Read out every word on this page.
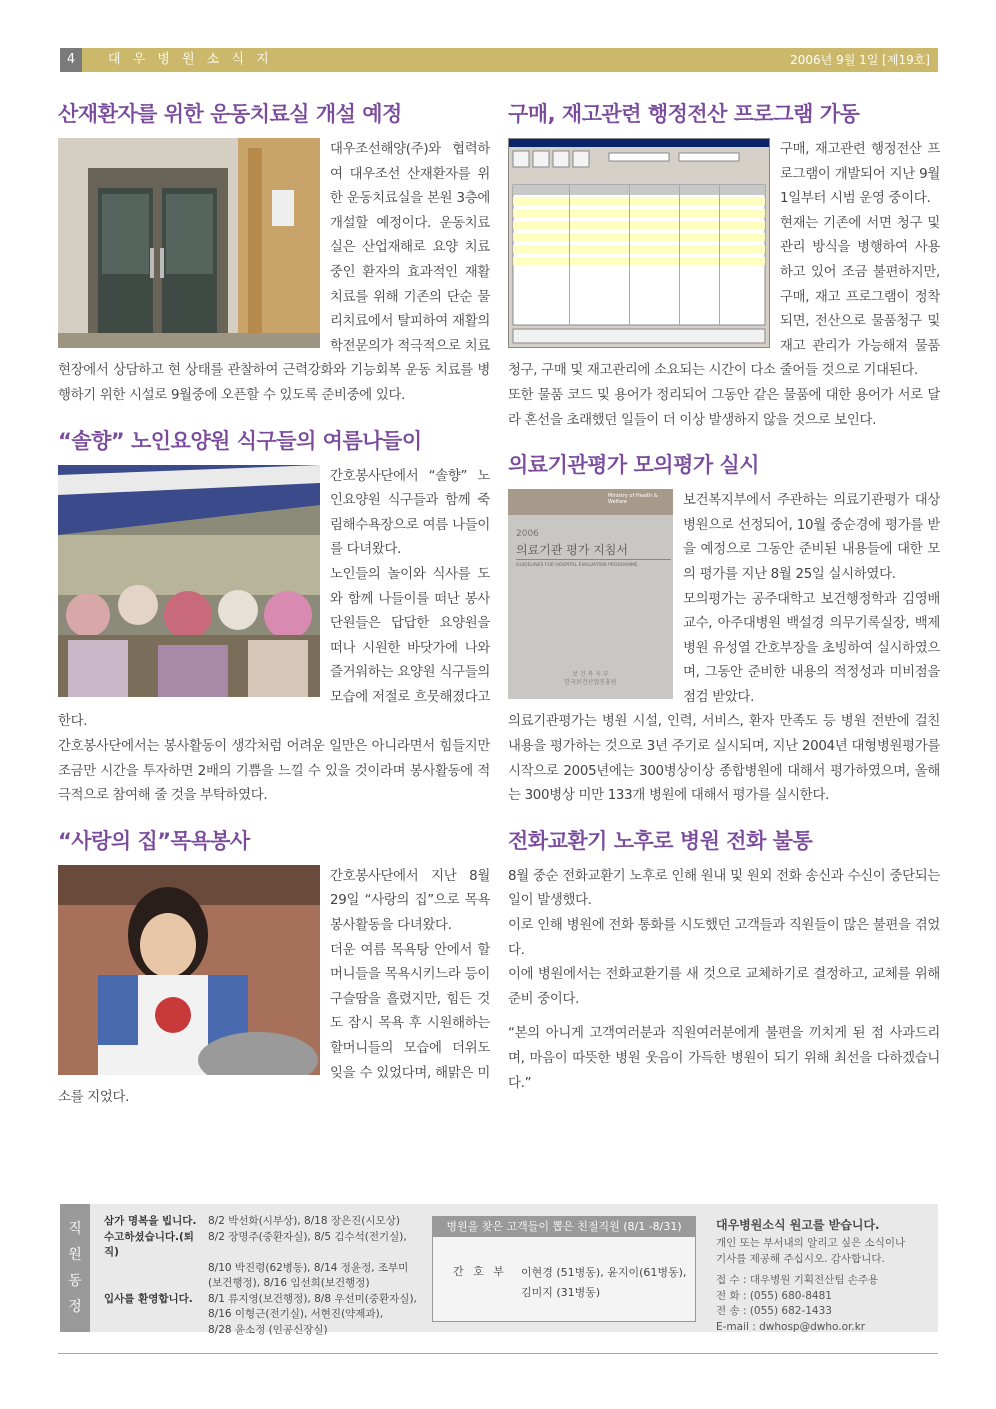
4	대 우 병 원 소 식 지	2006년 9월 1일 [제19호]
산재환자를 위한 운동치료실 개설 예정

대우조선해양(주)와 협력하여 대우조선 산재환자를 위한 운동치료실을 본원 3층에 개설할 예정이다. 운동치료실은 산업재해로 요양 치료중인 환자의 효과적인 재활치료를 위해 기존의 단순 물리치료에서 탈피하여 재활의학전문의가 적극적으로 치료현장에서 상담하고 현 상태를 관찰하여 근력강화와 기능회복 운동 치료를 병행하기 위한 시설로 9월중에 오픈할 수 있도록 준비중에 있다.

“솔향” 노인요양원 식구들의 여름나들이

간호봉사단에서 “솔향” 노인요양원 식구들과 함께 죽림해수욕장으로 여름 나들이를 다녀왔다.

노인들의 놀이와 식사를 도와 함께 나들이를 떠난 봉사단원들은 답답한 요양원을 떠나 시원한 바닷가에 나와 즐거워하는 요양원 식구들의 모습에 저절로 흐뭇해졌다고 한다.

간호봉사단에서는 봉사활동이 생각처럼 어려운 일만은 아니라면서 힘들지만 조금만 시간을 투자하면 2배의 기쁨을 느낄 수 있을 것이라며 봉사활동에 적극적으로 참여해 줄 것을 부탁하였다.

“사랑의 집”목욕봉사

간호봉사단에서 지난 8월 29일 “사랑의 집”으로 목욕봉사활동을 다녀왔다.

더운 여름 목욕탕 안에서 할머니들을 목욕시키느라 등이 구슬땀을 흘렸지만, 힘든 것도 잠시 목욕 후 시원해하는 할머니들의 모습에 더위도 잊을 수 있었다며, 해맑은 미소를 지었다.

구매, 재고관련 행정전산 프로그램 가동

구매, 재고관련 행정전산 프로그램이 개발되어 지난 9월 1일부터 시범 운영 중이다.

현재는 기존에 서면 청구 및 관리 방식을 병행하여 사용하고 있어 조금 불편하지만, 구매, 재고 프로그램이 정착되면, 전산으로 물품청구 및 재고 관리가 가능해져 물품 청구, 구매 및 재고관리에 소요되는 시간이 다소 줄어들 것으로 기대된다.

또한 물품 코드 및 용어가 정리되어 그동안 같은 물품에 대한 용어가 서로 달라 혼선을 초래했던 일들이 더 이상 발생하지 않을 것으로 보인다.

의료기관평가 모의평가 실시
Ministry of Health & Welfare
2006
의료기관 평가 지침서
GUIDELINES FOR HOSPITAL EVALUATION PROGRAMME
보 건 복 지 부
한국보건산업진흥원

보건복지부에서 주관하는 의료기관평가 대상병원으로 선정되어, 10월 중순경에 평가를 받을 예정으로 그동안 준비된 내용들에 대한 모의 평가를 지난 8월 25일 실시하였다.

모의평가는 공주대학고 보건행정학과 김영배 교수, 아주대병원 백설경 의무기록실장, 백제병원 유성열 간호부장을 초빙하여 실시하였으며, 그동안 준비한 내용의 적정성과 미비점을 점검 받았다.

의료기관평가는 병원 시설, 인력, 서비스, 환자 만족도 등 병원 전반에 걸친 내용을 평가하는 것으로 3년 주기로 실시되며, 지난 2004년 대형병원평가를 시작으로 2005년에는 300병상이상 종합병원에 대해서 평가하였으며, 올해는 300병상 미만 133개 병원에 대해서 평가를 실시한다.

전화교환기 노후로 병원 전화 불통

8월 중순 전화교환기 노후로 인해 원내 및 원외 전화 송신과 수신이 중단되는 일이 발생했다.

이로 인해 병원에 전화 통화를 시도했던 고객들과 직원들이 많은 불편을 겪었다.

이에 병원에서는 전화교환기를 새 것으로 교체하기로 결정하고, 교체를 위해 준비 중이다.

“본의 아니게 고객여러분과 직원여러분에게 불편을 끼치게 된 점 사과드리며, 마음이 따뜻한 병원 웃음이 가득한 병원이 되기 위해 최선을 다하겠습니다.”

직
원
동
정
삼가 명복을 빕니다.	8/2 박선화(시부상), 8/18 장은진(시모상)
수고하셨습니다.(퇴직)
8/2 장명주(중환자실), 8/5 김수석(전기실),
8/10 박진령(62병동), 8/14 정윤정, 조부미
(보건행정), 8/16 임선희(보건행정)
입사를 환영합니다.	8/1 류지영(보건행정), 8/8 우선미(중환자실),
8/16 이형근(전기실), 서현진(약제과),
8/28 윤소정 (인공신장실)
병원을 찾은 고객들이 뽑은 친절직원 (8/1 -8/31)
간 호 부 이현경 (51병동), 윤지이(61병동), 김미지 (31병동)
대우병원소식 원고를 받습니다.
개인 또는 부서내의 알리고 싶은 소식이나
기사를 제공해 주십시오. 감사합니다.
접 수 : 대우병원 기획전산팀 손주용
전 화 : (055) 680-8481
전 송 : (055) 682-1433
E-mail : dwhosp@dwho.or.kr
